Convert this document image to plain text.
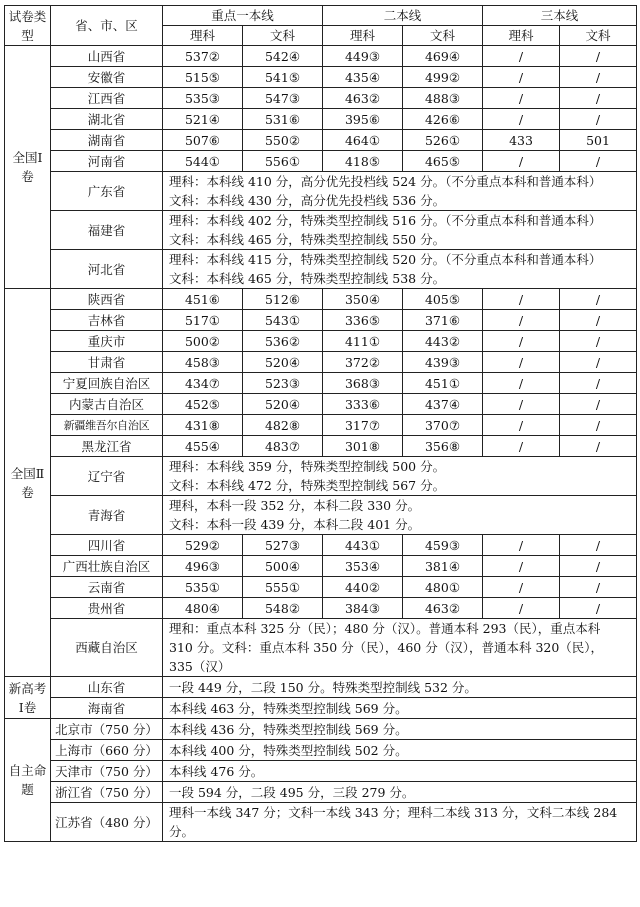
试卷类型	省、市、区	重点一本线		二本线		三本线	
		理科	文科	理科	文科	理科	文科
全国Ⅰ卷	山西省	537②	542④	449③	469④	/	/
	安徽省	515⑤	541⑤	435④	499②	/	/
	江西省	535③	547③	463②	488③	/	/
	湖北省	521④	531⑥	395⑥	426⑥	/	/
	湖南省	507⑥	550②	464①	526①	433	501
	河南省	544①	556①	418⑤	465⑤	/	/
	广东省	理科：本科线 410 分，高分优先投档线 524 分。（不分重点本科和普通本科）
文科：本科线 430 分，高分优先投档线 536 分。					

	福建省	理科：本科线 402 分，特殊类型控制线 516 分。（不分重点本科和普通本科）
文科：本科线 465 分，特殊类型控制线 550 分。					

	河北省	理科：本科线 415 分，特殊类型控制线 520 分。（不分重点本科和普通本科）
文科：本科线 465 分，特殊类型控制线 538 分。					

全国Ⅱ卷	陕西省	451⑥	512⑥	350④	405⑤	/	/
	吉林省	517①	543①	336⑤	371⑥	/	/
	重庆市	500②	536②	411①	443②	/	/
	甘肃省	458③	520④	372②	439③	/	/
	宁夏回族自治区	434⑦	523③	368③	451①	/	/
	内蒙古自治区	452⑤	520④	333⑥	437④	/	/
	新疆维吾尔自治区	431⑧	482⑧	317⑦	370⑦	/	/
	黑龙江省	455④	483⑦	301⑧	356⑧	/	/
	辽宁省	理科：本科线 359 分，特殊类型控制线 500 分。
文科：本科线 472 分，特殊类型控制线 567 分。					

	青海省	理科，本科一段 352 分，本科二段 330 分。
文科：本科一段 439 分，本科二段 401 分。					

	四川省	529②	527③	443①	459③	/	/
	广西壮族自治区	496③	500④	353④	381④	/	/
	云南省	535①	555①	440②	480①	/	/
	贵州省	480④	548②	384③	463②	/	/
	西藏自治区	理和：重点本科 325 分（民）；480 分（汉）。普通本科 293（民），重点本科
310 分。文科：重点本科 350 分（民），460 分（汉），普通本科 320（民），
335（汉）					

新高考Ⅰ卷	山东省	一段 449 分，二段 150 分。特殊类型控制线 532 分。					
	海南省	本科线 463 分，特殊类型控制线 569 分。					
自主命题	北京市（750 分）	本科线 436 分，特殊类型控制线 569 分。					
	上海市（660 分）	本科线 400 分，特殊类型控制线 502 分。					
	天津市（750 分）	本科线 476 分。					
	浙江省（750 分）	一段 594 分，二段 495 分，三段 279 分。					
	江苏省（480 分）	理科一本线 347 分；文科一本线 343 分；理科二本线 313 分，文科二本线 284
分。					
